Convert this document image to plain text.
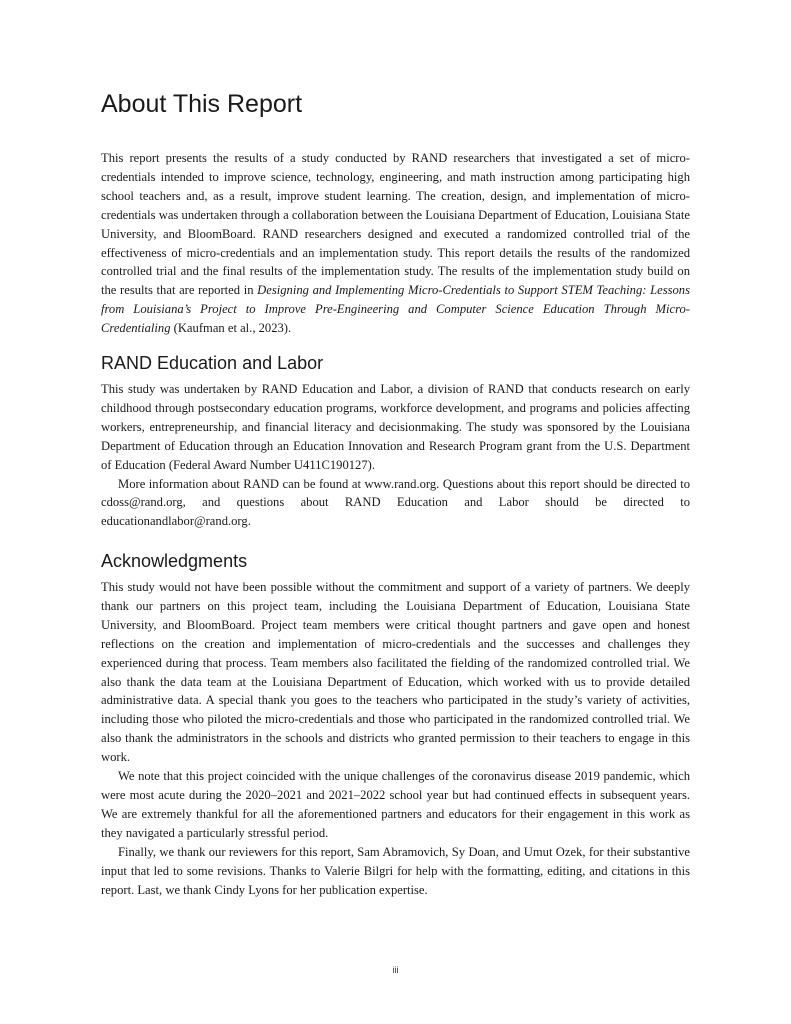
About This Report

This report presents the results of a study conducted by RAND researchers that investigated a set of micro-credentials intended to improve science, technology, engineering, and math instruction among participating high school teachers and, as a result, improve student learning. The creation, design, and implementation of micro-credentials was undertaken through a collaboration between the Louisiana Department of Education, Louisiana State University, and BloomBoard. RAND researchers designed and executed a randomized controlled trial of the effectiveness of micro-credentials and an implementation study. This report details the results of the randomized controlled trial and the final results of the implementation study. The results of the implementation study build on the results that are reported in Designing and Implementing Micro-Credentials to Support STEM Teaching: Lessons from Louisiana’s Project to Improve Pre-Engineering and Computer Science Education Through Micro-Credentialing (Kaufman et al., 2023).

RAND Education and Labor

This study was undertaken by RAND Education and Labor, a division of RAND that conducts research on early childhood through postsecondary education programs, workforce development, and programs and policies affecting workers, entrepreneurship, and financial literacy and decisionmaking. The study was sponsored by the Louisiana Department of Education through an Education Innovation and Research Program grant from the U.S. Department of Education (Federal Award Number U411C190127).

More information about RAND can be found at www.rand.org. Questions about this report should be directed to cdoss@rand.org, and questions about RAND Education and Labor should be directed to educationandlabor@rand.org.

Acknowledgments

This study would not have been possible without the commitment and support of a variety of partners. We deeply thank our partners on this project team, including the Louisiana Department of Education, Louisiana State University, and BloomBoard. Project team members were critical thought partners and gave open and honest reflections on the creation and implementation of micro-credentials and the successes and challenges they experienced during that process. Team members also facilitated the fielding of the randomized controlled trial. We also thank the data team at the Louisiana Department of Education, which worked with us to provide detailed administrative data. A special thank you goes to the teachers who participated in the study’s variety of activities, including those who piloted the micro-credentials and those who participated in the randomized controlled trial. We also thank the administrators in the schools and districts who granted permission to their teachers to engage in this work.

We note that this project coincided with the unique challenges of the coronavirus disease 2019 pandemic, which were most acute during the 2020–2021 and 2021–2022 school year but had continued effects in subsequent years. We are extremely thankful for all the aforementioned partners and educators for their engagement in this work as they navigated a particularly stressful period.

Finally, we thank our reviewers for this report, Sam Abramovich, Sy Doan, and Umut Ozek, for their substantive input that led to some revisions. Thanks to Valerie Bilgri for help with the formatting, editing, and citations in this report. Last, we thank Cindy Lyons for her publication expertise.

iii
